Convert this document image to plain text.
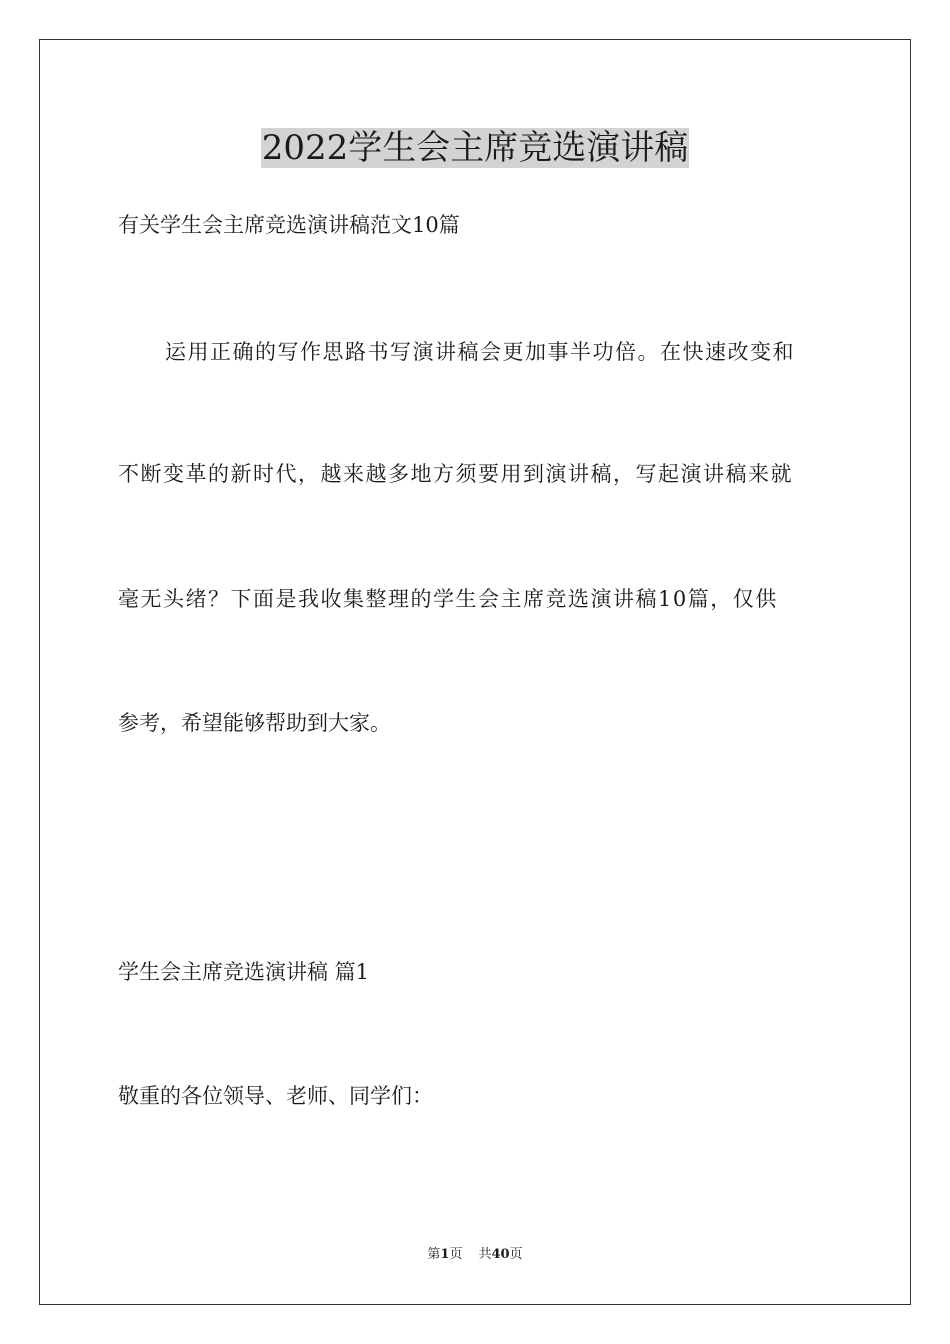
2022学生会主席竞选演讲稿
有关学生会主席竞选演讲稿范文10篇
运用正确的写作思路书写演讲稿会更加事半功倍。在快速改变和
不断变革的新时代，越来越多地方须要用到演讲稿，写起演讲稿来就
毫无头绪？下面是我收集整理的学生会主席竞选演讲稿10篇，仅供
参考，希望能够帮助到大家。
学生会主席竞选演讲稿 篇1
敬重的各位领导、老师、同学们：
第1页 共40页
